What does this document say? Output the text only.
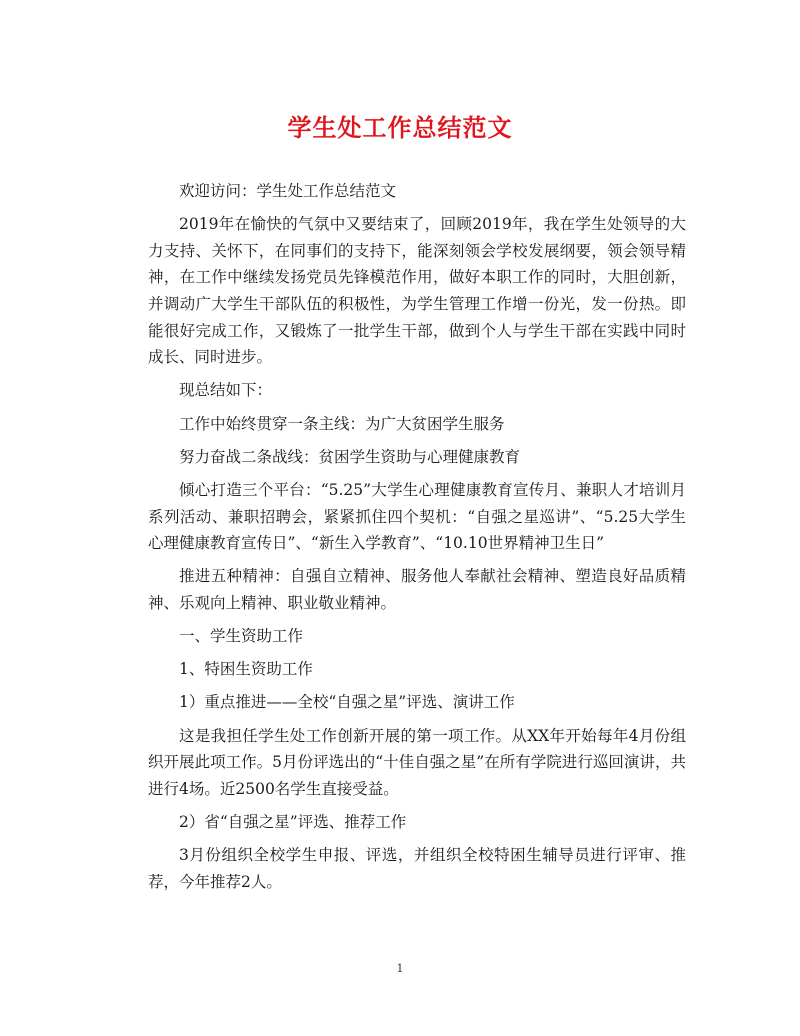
学生处工作总结范文

欢迎访问：学生处工作总结范文

2019年在愉快的气氛中又要结束了，回顾2019年，我在学生处领导的大力支持、关怀下，在同事们的支持下，能深刻领会学校发展纲要，领会领导精神，在工作中继续发扬党员先锋模范作用，做好本职工作的同时，大胆创新，并调动广大学生干部队伍的积极性，为学生管理工作增一份光，发一份热。即能很好完成工作，又锻炼了一批学生干部，做到个人与学生干部在实践中同时成长、同时进步。

现总结如下：

工作中始终贯穿一条主线：为广大贫困学生服务

努力奋战二条战线：贫困学生资助与心理健康教育

倾心打造三个平台：“5.25”大学生心理健康教育宣传月、兼职人才培训月系列活动、兼职招聘会，紧紧抓住四个契机：“自强之星巡讲”、“5.25大学生心理健康教育宣传日”、“新生入学教育”、“10.10世界精神卫生日”

推进五种精神：自强自立精神、服务他人奉献社会精神、塑造良好品质精神、乐观向上精神、职业敬业精神。

一、学生资助工作

1、特困生资助工作

1）重点推进——全校“自强之星”评选、演讲工作

这是我担任学生处工作创新开展的第一项工作。从XX年开始每年4月份组织开展此项工作。5月份评选出的“十佳自强之星”在所有学院进行巡回演讲，共进行4场。近2500名学生直接受益。

2）省“自强之星”评选、推荐工作

3月份组织全校学生申报、评选，并组织全校特困生辅导员进行评审、推荐，今年推荐2人。

1
